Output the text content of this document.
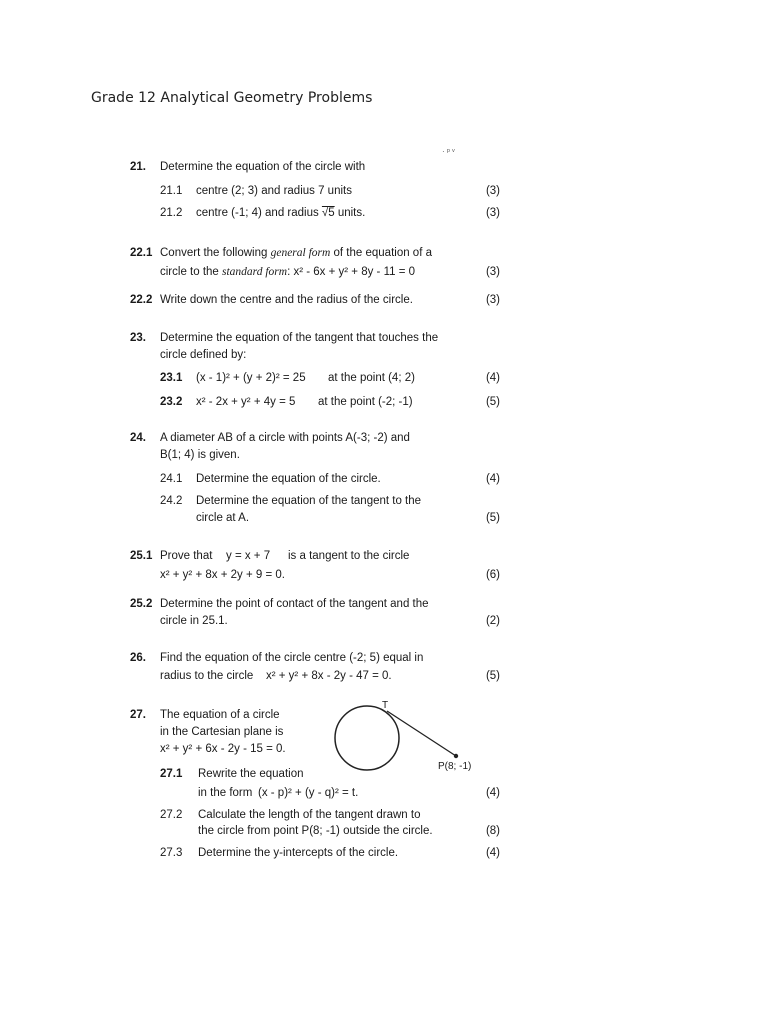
Grade 12 Analytical Geometry Problems
· ᵖ ᵛ
21. Determine the equation of the circle with
21.1 centre (2; 3) and radius 7 units	(3)
21.2 centre (-1; 4) and radius √5 units.	(3)
22.1 Convert the following general form of the equation of a
circle to the standard form: x² - 6x + y² + 8y - 11 = 0	(3)
22.2 Write down the centre and the radius of the circle.	(3)
23. Determine the equation of the tangent that touches the
circle defined by:
23.1 (x - 1)² + (y + 2)² = 25 at the point (4; 2)	(4)
23.2 x² - 2x + y² + 4y = 5 at the point (-2; -1)	(5)
24. A diameter AB of a circle with points A(-3; -2) and
B(1; 4) is given.
24.1 Determine the equation of the circle.	(4)
24.2 Determine the equation of the tangent to the
circle at A.	(5)
25.1 Prove that y = x + 7 is a tangent to the circle
x² + y² + 8x + 2y + 9 = 0.	(6)
25.2 Determine the point of contact of the tangent and the
circle in 25.1.	(2)
26. Find the equation of the circle centre (-2; 5) equal in
radius to the circle x² + y² + 8x - 2y - 47 = 0.	(5)
27. The equation of a circle
in the Cartesian plane is
x² + y² + 6x - 2y - 15 = 0.
27.1 Rewrite the equation
in the form (x - p)² + (y - q)² = t.	(4)
27.2 Calculate the length of the tangent drawn to
the circle from point P(8; -1) outside the circle.	(8)
27.3 Determine the y-intercepts of the circle.	(4)
T
P(8; -1)
